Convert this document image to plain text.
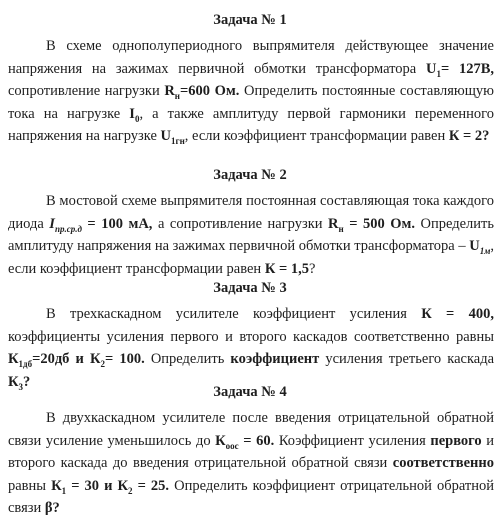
Задача № 1

В схеме однополупериодного выпрямителя действующее значение напряжения на зажимах первичной обмотки трансформатора $U_1= 127В$, сопротивление нагрузки $R_н=600$ Ом. Определить постоянные составляющую тока на нагрузке $I_0$, а также амплитуду первой гармоники переменного напряжения на нагрузке $U_{1гн}$, если коэффициент трансформации равен К = 2?

Задача № 2

В мостовой схеме выпрямителя постоянная составляющая тока каждого диода $I_{пр.ср.д} = 100$ мА, а сопротивление нагрузки $R_н = 500$ Ом. Определить амплитуду напряжения на зажимах первичной обмотки трансформатора – $U_{1м}$, если коэффициент трансформации равен К = 1,5?

Задача № 3

В трехкаскадном усилителе коэффициент усиления К = 400, коэффициенты усиления первого и второго каскадов соответственно равны $К_{1дб}=20дб$ и $К_2= 100$. Определить коэффициент усиления третьего каскада $К_3$?

Задача № 4

В двухкаскадном усилителе после введения отрицательной обратной связи усиление уменьшилось до $К_{оос} = 60$. Коэффициент усиления первого и второго каскада до введения отрицательной обратной связи соответственно равны $К_1 = 30$ и $К_2 = 25$. Определить коэффициент отрицательной обратной связи β?
